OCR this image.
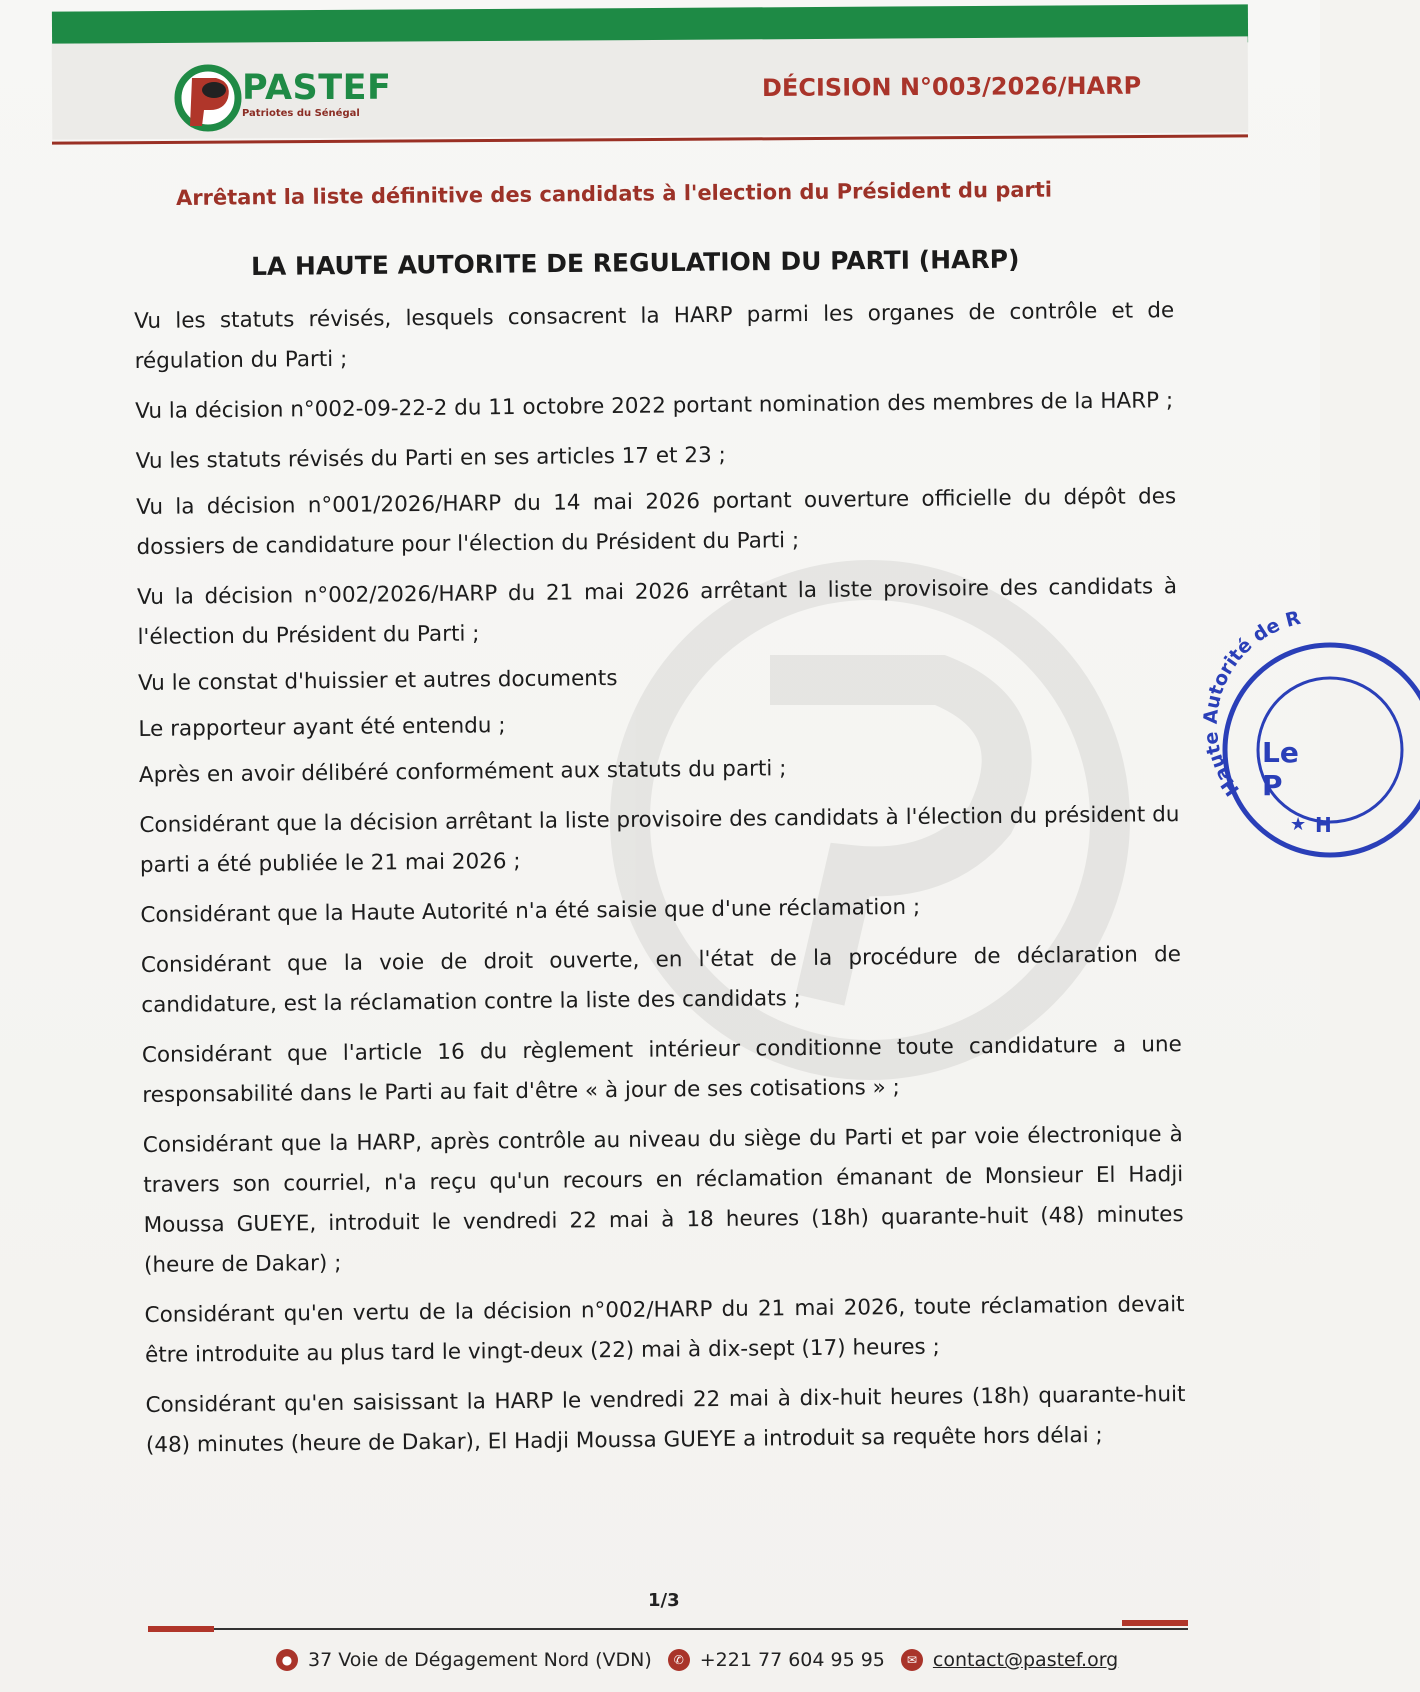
PASTEF
Patriotes du Sénégal
DÉCISION N°003/2026/HARP
Arrêtant la liste définitive des candidats à l'election du Président du parti
LA HAUTE AUTORITE DE REGULATION DU PARTI (HARP)

Vu les statuts révisés, lesquels consacrent la HARP parmi les organes de contrôle et de régulation du Parti ;

Vu la décision n°002-09-22-2 du 11 octobre 2022 portant nomination des membres de la HARP ;

Vu les statuts révisés du Parti en ses articles 17 et 23 ;

Vu la décision n°001/2026/HARP du 14 mai 2026 portant ouverture officielle du dépôt des dossiers de candidature pour l'élection du Président du Parti ;

Vu la décision n°002/2026/HARP du 21 mai 2026 arrêtant la liste provisoire des candidats à l'élection du Président du Parti ;

Vu le constat d'huissier et autres documents

Le rapporteur ayant été entendu ;

Après en avoir délibéré conformément aux statuts du parti ;

Considérant que la décision arrêtant la liste provisoire des candidats à l'élection du président du parti a été publiée le 21 mai 2026 ;

Considérant que la Haute Autorité n'a été saisie que d'une réclamation ;

Considérant que la voie de droit ouverte, en l'état de la procédure de déclaration de candidature, est la réclamation contre la liste des candidats ;

Considérant que l'article 16 du règlement intérieur conditionne toute candidature a une responsabilité dans le Parti au fait d'être « à jour de ses cotisations » ;

Considérant que la HARP, après contrôle au niveau du siège du Parti et par voie électronique à travers son courriel, n'a reçu qu'un recours en réclamation émanant de Monsieur El Hadji Moussa GUEYE, introduit le vendredi 22 mai à 18 heures (18h) quarante-huit (48) minutes (heure de Dakar) ;

Considérant qu'en vertu de la décision n°002/HARP du 21 mai 2026, toute réclamation devait être introduite au plus tard le vingt-deux (22) mai à dix-sept (17) heures ;

Considérant qu'en saisissant la HARP le vendredi 22 mai à dix-huit heures (18h) quarante-huit (48) minutes (heure de Dakar), El Hadji Moussa GUEYE a introduit sa requête hors délai ;

1/3
● 37 Voie de Dégagement Nord (VDN)	✆ +221 77 604 95 95	✉ contact@pastef.org
Haute Autorité de R
★ H
Le P
